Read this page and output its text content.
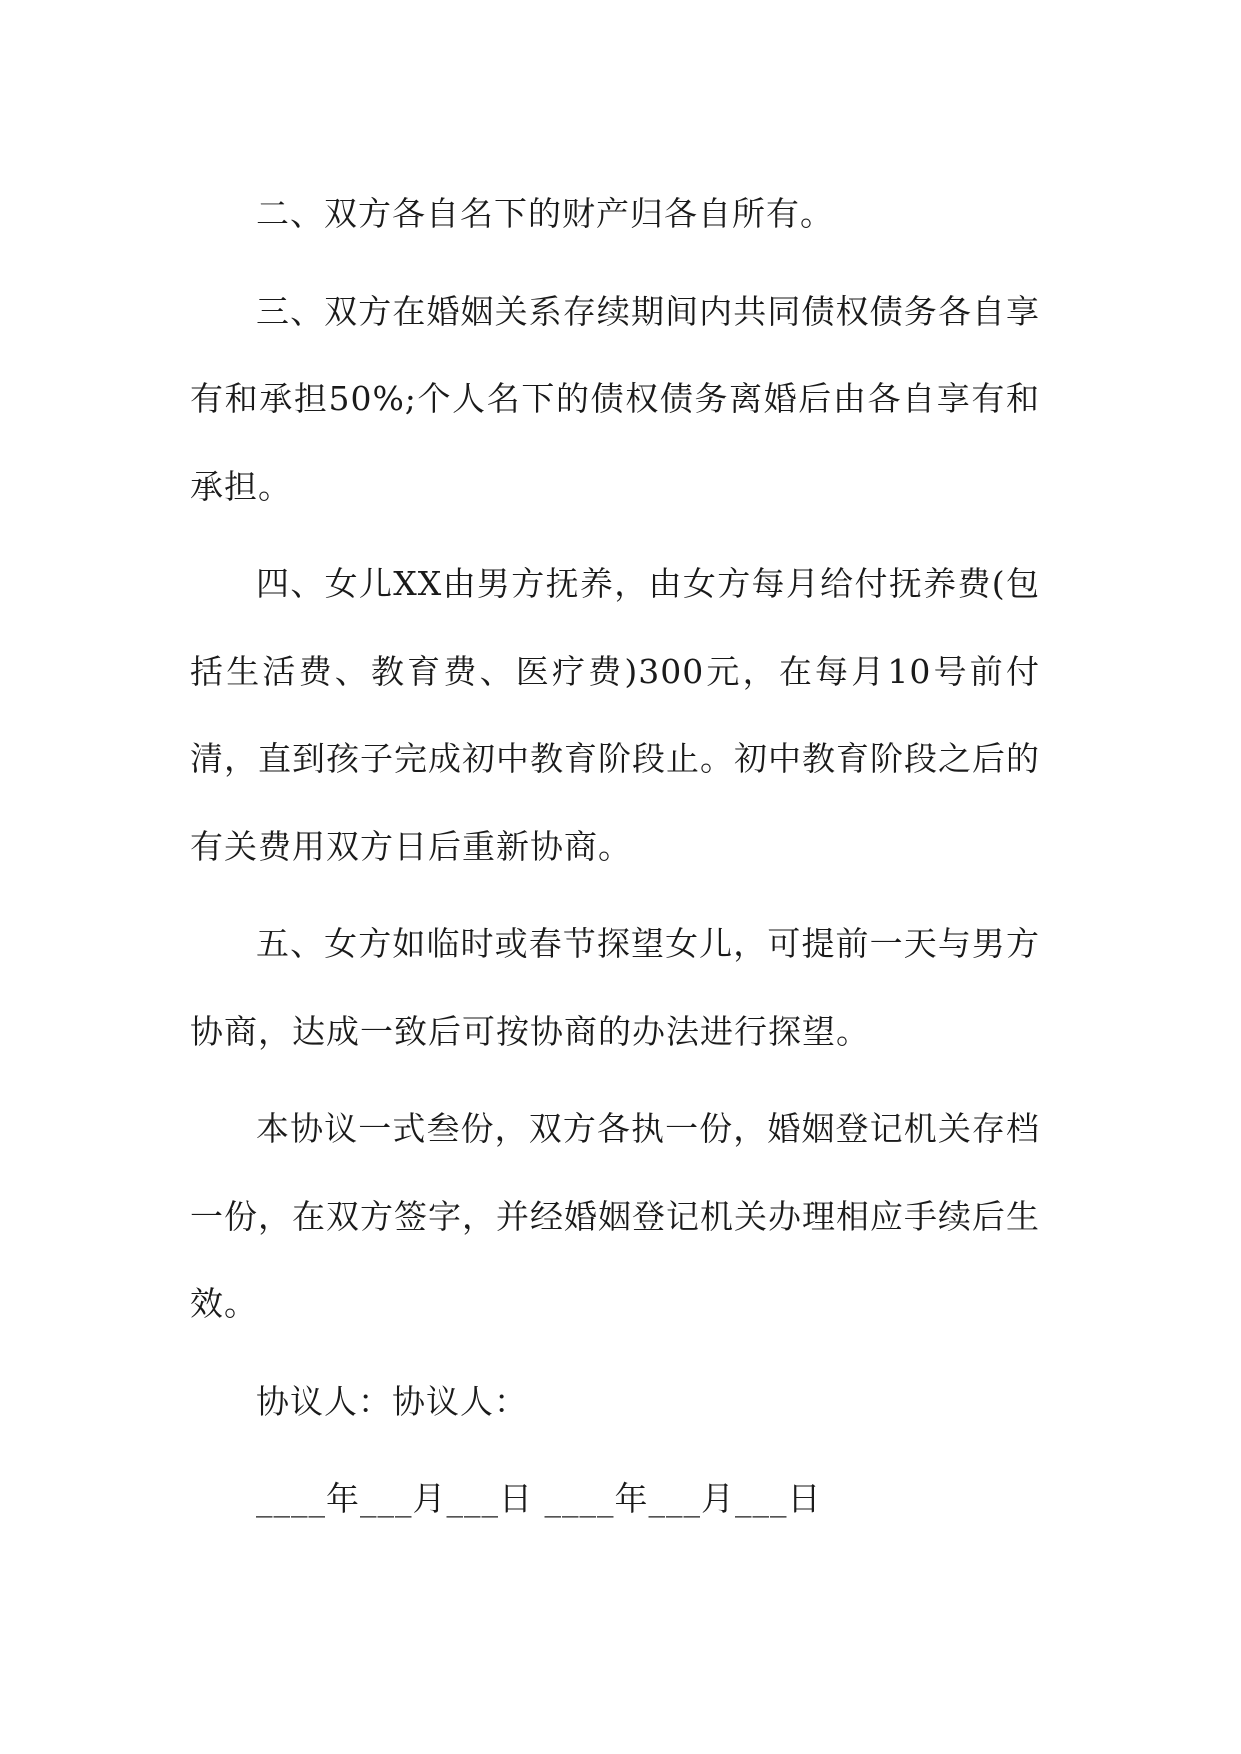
二、双方各自名下的财产归各自所有。

三、双方在婚姻关系存续期间内共同债权债务各自享有和承担50%;个人名下的债权债务离婚后由各自享有和承担。

四、女儿XX由男方抚养，由女方每月给付抚养费(包括生活费、教育费、医疗费)300元，在每月10号前付清，直到孩子完成初中教育阶段止。初中教育阶段之后的有关费用双方日后重新协商。

五、女方如临时或春节探望女儿，可提前一天与男方协商，达成一致后可按协商的办法进行探望。

本协议一式叁份，双方各执一份，婚姻登记机关存档一份，在双方签字，并经婚姻登记机关办理相应手续后生效。

协议人：协议人：

____年___月___日 ____年___月___日
